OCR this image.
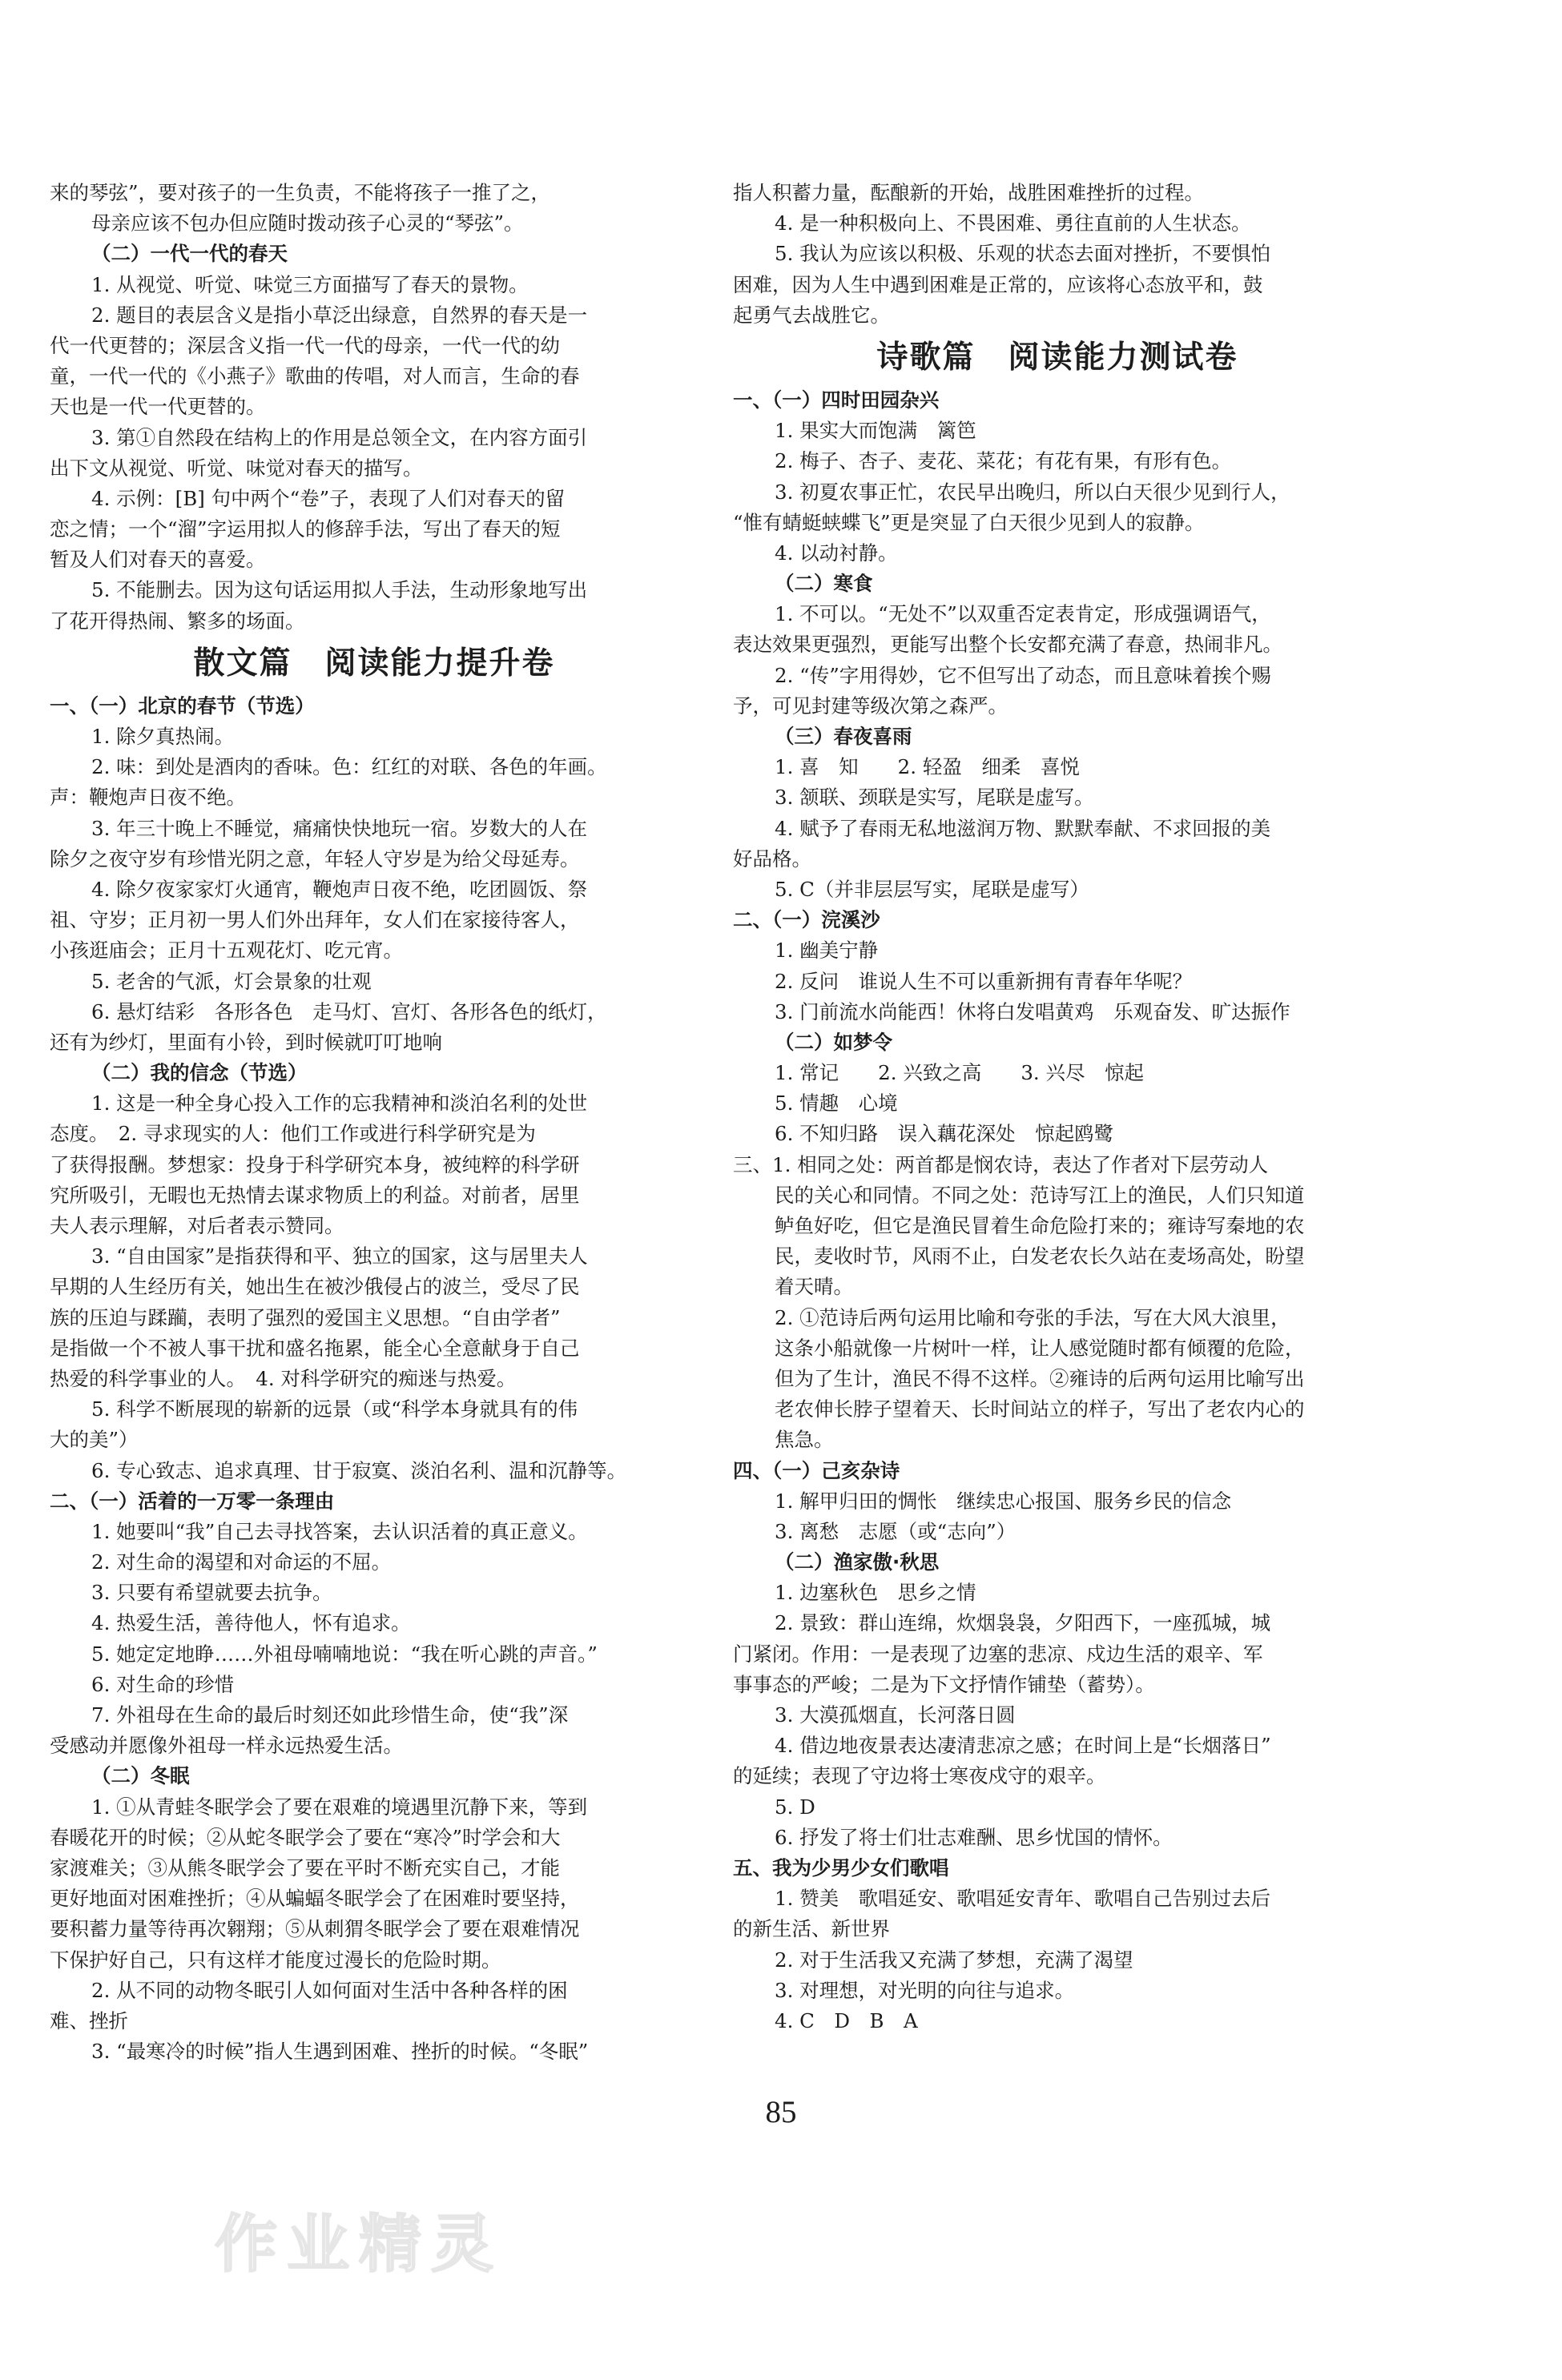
来的琴弦”，要对孩子的一生负责，不能将孩子一推了之，
母亲应该不包办但应随时拨动孩子心灵的“琴弦”。
（二）一代一代的春天
1. 从视觉、听觉、味觉三方面描写了春天的景物。
2. 题目的表层含义是指小草泛出绿意，自然界的春天是一
代一代更替的；深层含义指一代一代的母亲，一代一代的幼
童，一代一代的《小燕子》歌曲的传唱，对人而言，生命的春
天也是一代一代更替的。
3. 第①自然段在结构上的作用是总领全文，在内容方面引
出下文从视觉、听觉、味觉对春天的描写。
4. 示例：[B] 句中两个“卷”子，表现了人们对春天的留
恋之情；一个“溜”字运用拟人的修辞手法，写出了春天的短
暂及人们对春天的喜爱。
5. 不能删去。因为这句话运用拟人手法，生动形象地写出
了花开得热闹、繁多的场面。
散文篇　阅读能力提升卷
一、（一）北京的春节（节选）
1. 除夕真热闹。
2. 味：到处是酒肉的香味。色：红红的对联、各色的年画。
声：鞭炮声日夜不绝。
3. 年三十晚上不睡觉，痛痛快快地玩一宿。岁数大的人在
除夕之夜守岁有珍惜光阴之意，年轻人守岁是为给父母延寿。
4. 除夕夜家家灯火通宵，鞭炮声日夜不绝，吃团圆饭、祭
祖、守岁；正月初一男人们外出拜年，女人们在家接待客人，
小孩逛庙会；正月十五观花灯、吃元宵。
5. 老舍的气派，灯会景象的壮观
6. 悬灯结彩　各形各色　走马灯、宫灯、各形各色的纸灯，
还有为纱灯，里面有小铃，到时候就叮叮地响
（二）我的信念（节选）
1. 这是一种全身心投入工作的忘我精神和淡泊名利的处世
态度。　2. 寻求现实的人：他们工作或进行科学研究是为
了获得报酬。梦想家：投身于科学研究本身，被纯粹的科学研
究所吸引，无暇也无热情去谋求物质上的利益。对前者，居里
夫人表示理解，对后者表示赞同。
3. “自由国家”是指获得和平、独立的国家，这与居里夫人
早期的人生经历有关，她出生在被沙俄侵占的波兰，受尽了民
族的压迫与蹂躏，表明了强烈的爱国主义思想。“自由学者”
是指做一个不被人事干扰和盛名拖累，能全心全意献身于自己
热爱的科学事业的人。　4. 对科学研究的痴迷与热爱。
5. 科学不断展现的崭新的远景（或“科学本身就具有的伟
大的美”）
6. 专心致志、追求真理、甘于寂寞、淡泊名利、温和沉静等。
二、（一）活着的一万零一条理由
1. 她要叫“我”自己去寻找答案，去认识活着的真正意义。
2. 对生命的渴望和对命运的不屈。
3. 只要有希望就要去抗争。
4. 热爱生活，善待他人，怀有追求。
5. 她定定地睁……外祖母喃喃地说：“我在听心跳的声音。”
6. 对生命的珍惜
7. 外祖母在生命的最后时刻还如此珍惜生命，使“我”深
受感动并愿像外祖母一样永远热爱生活。
（二）冬眠
1. ①从青蛙冬眠学会了要在艰难的境遇里沉静下来，等到
春暖花开的时候；②从蛇冬眠学会了要在“寒冷”时学会和大
家渡难关；③从熊冬眠学会了要在平时不断充实自己，才能
更好地面对困难挫折；④从蝙蝠冬眠学会了在困难时要坚持，
要积蓄力量等待再次翱翔；⑤从刺猬冬眠学会了要在艰难情况
下保护好自己，只有这样才能度过漫长的危险时期。
2. 从不同的动物冬眠引人如何面对生活中各种各样的困
难、挫折
3. “最寒冷的时候”指人生遇到困难、挫折的时候。“冬眠”
指人积蓄力量，酝酿新的开始，战胜困难挫折的过程。
4. 是一种积极向上、不畏困难、勇往直前的人生状态。
5. 我认为应该以积极、乐观的状态去面对挫折，不要惧怕
困难，因为人生中遇到困难是正常的，应该将心态放平和，鼓
起勇气去战胜它。
诗歌篇　阅读能力测试卷
一、（一）四时田园杂兴
1. 果实大而饱满　篱笆
2. 梅子、杏子、麦花、菜花；有花有果，有形有色。
3. 初夏农事正忙，农民早出晚归，所以白天很少见到行人，
“惟有蜻蜓蛱蝶飞”更是突显了白天很少见到人的寂静。
4. 以动衬静。
（二）寒食
1. 不可以。“无处不”以双重否定表肯定，形成强调语气，
表达效果更强烈，更能写出整个长安都充满了春意，热闹非凡。
2. “传”字用得妙，它不但写出了动态，而且意味着挨个赐
予，可见封建等级次第之森严。
（三）春夜喜雨
1. 喜　知　　2. 轻盈　细柔　喜悦
3. 颔联、颈联是实写，尾联是虚写。
4. 赋予了春雨无私地滋润万物、默默奉献、不求回报的美
好品格。
5. C（并非层层写实，尾联是虚写）
二、（一）浣溪沙
1. 幽美宁静
2. 反问　谁说人生不可以重新拥有青春年华呢？
3. 门前流水尚能西！休将白发唱黄鸡　乐观奋发、旷达振作
（二）如梦令
1. 常记　　2. 兴致之高　　3. 兴尽　惊起
5. 情趣　心境
6. 不知归路　误入藕花深处　惊起鸥鹭
三、1. 相同之处：两首都是悯农诗，表达了作者对下层劳动人
民的关心和同情。不同之处：范诗写江上的渔民，人们只知道
鲈鱼好吃，但它是渔民冒着生命危险打来的；雍诗写秦地的农
民，麦收时节，风雨不止，白发老农长久站在麦场高处，盼望
着天晴。
2. ①范诗后两句运用比喻和夸张的手法，写在大风大浪里，
这条小船就像一片树叶一样，让人感觉随时都有倾覆的危险，
但为了生计，渔民不得不这样。②雍诗的后两句运用比喻写出
老农伸长脖子望着天、长时间站立的样子，写出了老农内心的
焦急。
四、（一）己亥杂诗
1. 解甲归田的惆怅　继续忠心报国、服务乡民的信念
3. 离愁　志愿（或“志向”）
（二）渔家傲·秋思
1. 边塞秋色　思乡之情
2. 景致：群山连绵，炊烟袅袅，夕阳西下，一座孤城，城
门紧闭。作用：一是表现了边塞的悲凉、戍边生活的艰辛、军
事事态的严峻；二是为下文抒情作铺垫（蓄势）。
3. 大漠孤烟直，长河落日圆
4. 借边地夜景表达凄清悲凉之感；在时间上是“长烟落日”
的延续；表现了守边将士寒夜戍守的艰辛。
5. D
6. 抒发了将士们壮志难酬、思乡忧国的情怀。
五、我为少男少女们歌唱
1. 赞美　歌唱延安、歌唱延安青年、歌唱自己告别过去后
的新生活、新世界
2. 对于生活我又充满了梦想，充满了渴望
3. 对理想，对光明的向往与追求。
4. C　D　B　A
85
作业精灵
